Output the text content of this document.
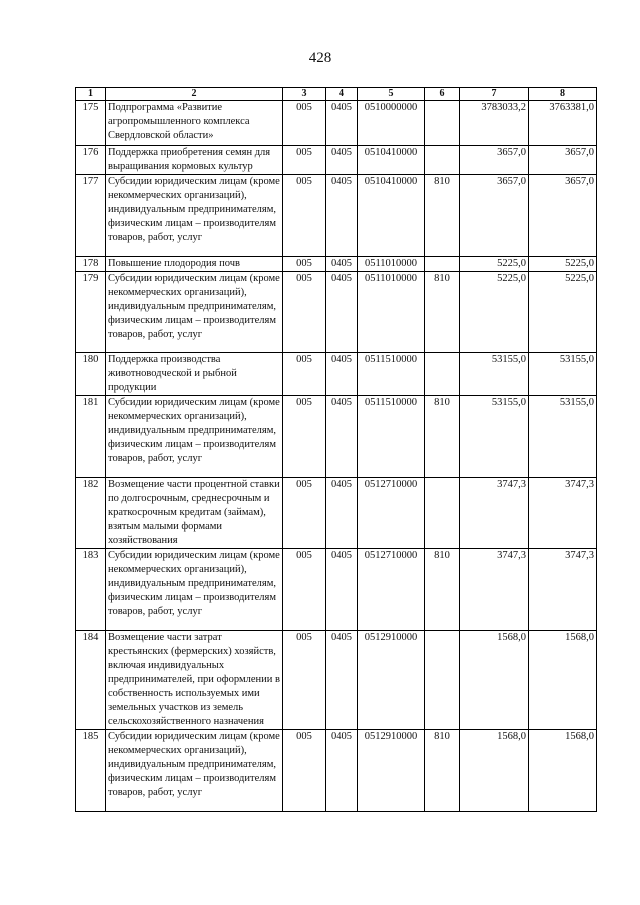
428
1	2	3	4	5	6	7	8
175	Подпрограмма «Развитие агропромышленного комплекса Свердловской области»	005	0405	0510000000		3783033,2	3763381,0
176	Поддержка приобретения семян для выращивания кормовых культур	005	0405	0510410000		3657,0	3657,0
177	Субсидии юридическим лицам (кроме некоммерческих организаций), индивидуальным предпринимателям, физическим лицам – производителям товаров, работ, услуг	005	0405	0510410000	810	3657,0	3657,0
178	Повышение плодородия почв	005	0405	0511010000		5225,0	5225,0
179	Субсидии юридическим лицам (кроме некоммерческих организаций), индивидуальным предпринимателям, физическим лицам – производителям товаров, работ, услуг	005	0405	0511010000	810	5225,0	5225,0
180	Поддержка производства животноводческой и рыбной продукции	005	0405	0511510000		53155,0	53155,0
181	Субсидии юридическим лицам (кроме некоммерческих организаций), индивидуальным предпринимателям, физическим лицам – производителям товаров, работ, услуг	005	0405	0511510000	810	53155,0	53155,0
182	Возмещение части процентной ставки по долгосрочным, среднесрочным и краткосрочным кредитам (займам), взятым малыми формами хозяйствования	005	0405	0512710000		3747,3	3747,3
183	Субсидии юридическим лицам (кроме некоммерческих организаций), индивидуальным предпринимателям, физическим лицам – производителям товаров, работ, услуг	005	0405	0512710000	810	3747,3	3747,3
184	Возмещение части затрат крестьянских (фермерских) хозяйств, включая индивидуальных предпринимателей, при оформлении в собственность используемых ими земельных участков из земель сельскохозяйственного назначения	005	0405	0512910000		1568,0	1568,0
185	Субсидии юридическим лицам (кроме некоммерческих организаций), индивидуальным предпринимателям, физическим лицам – производителям товаров, работ, услуг	005	0405	0512910000	810	1568,0	1568,0
